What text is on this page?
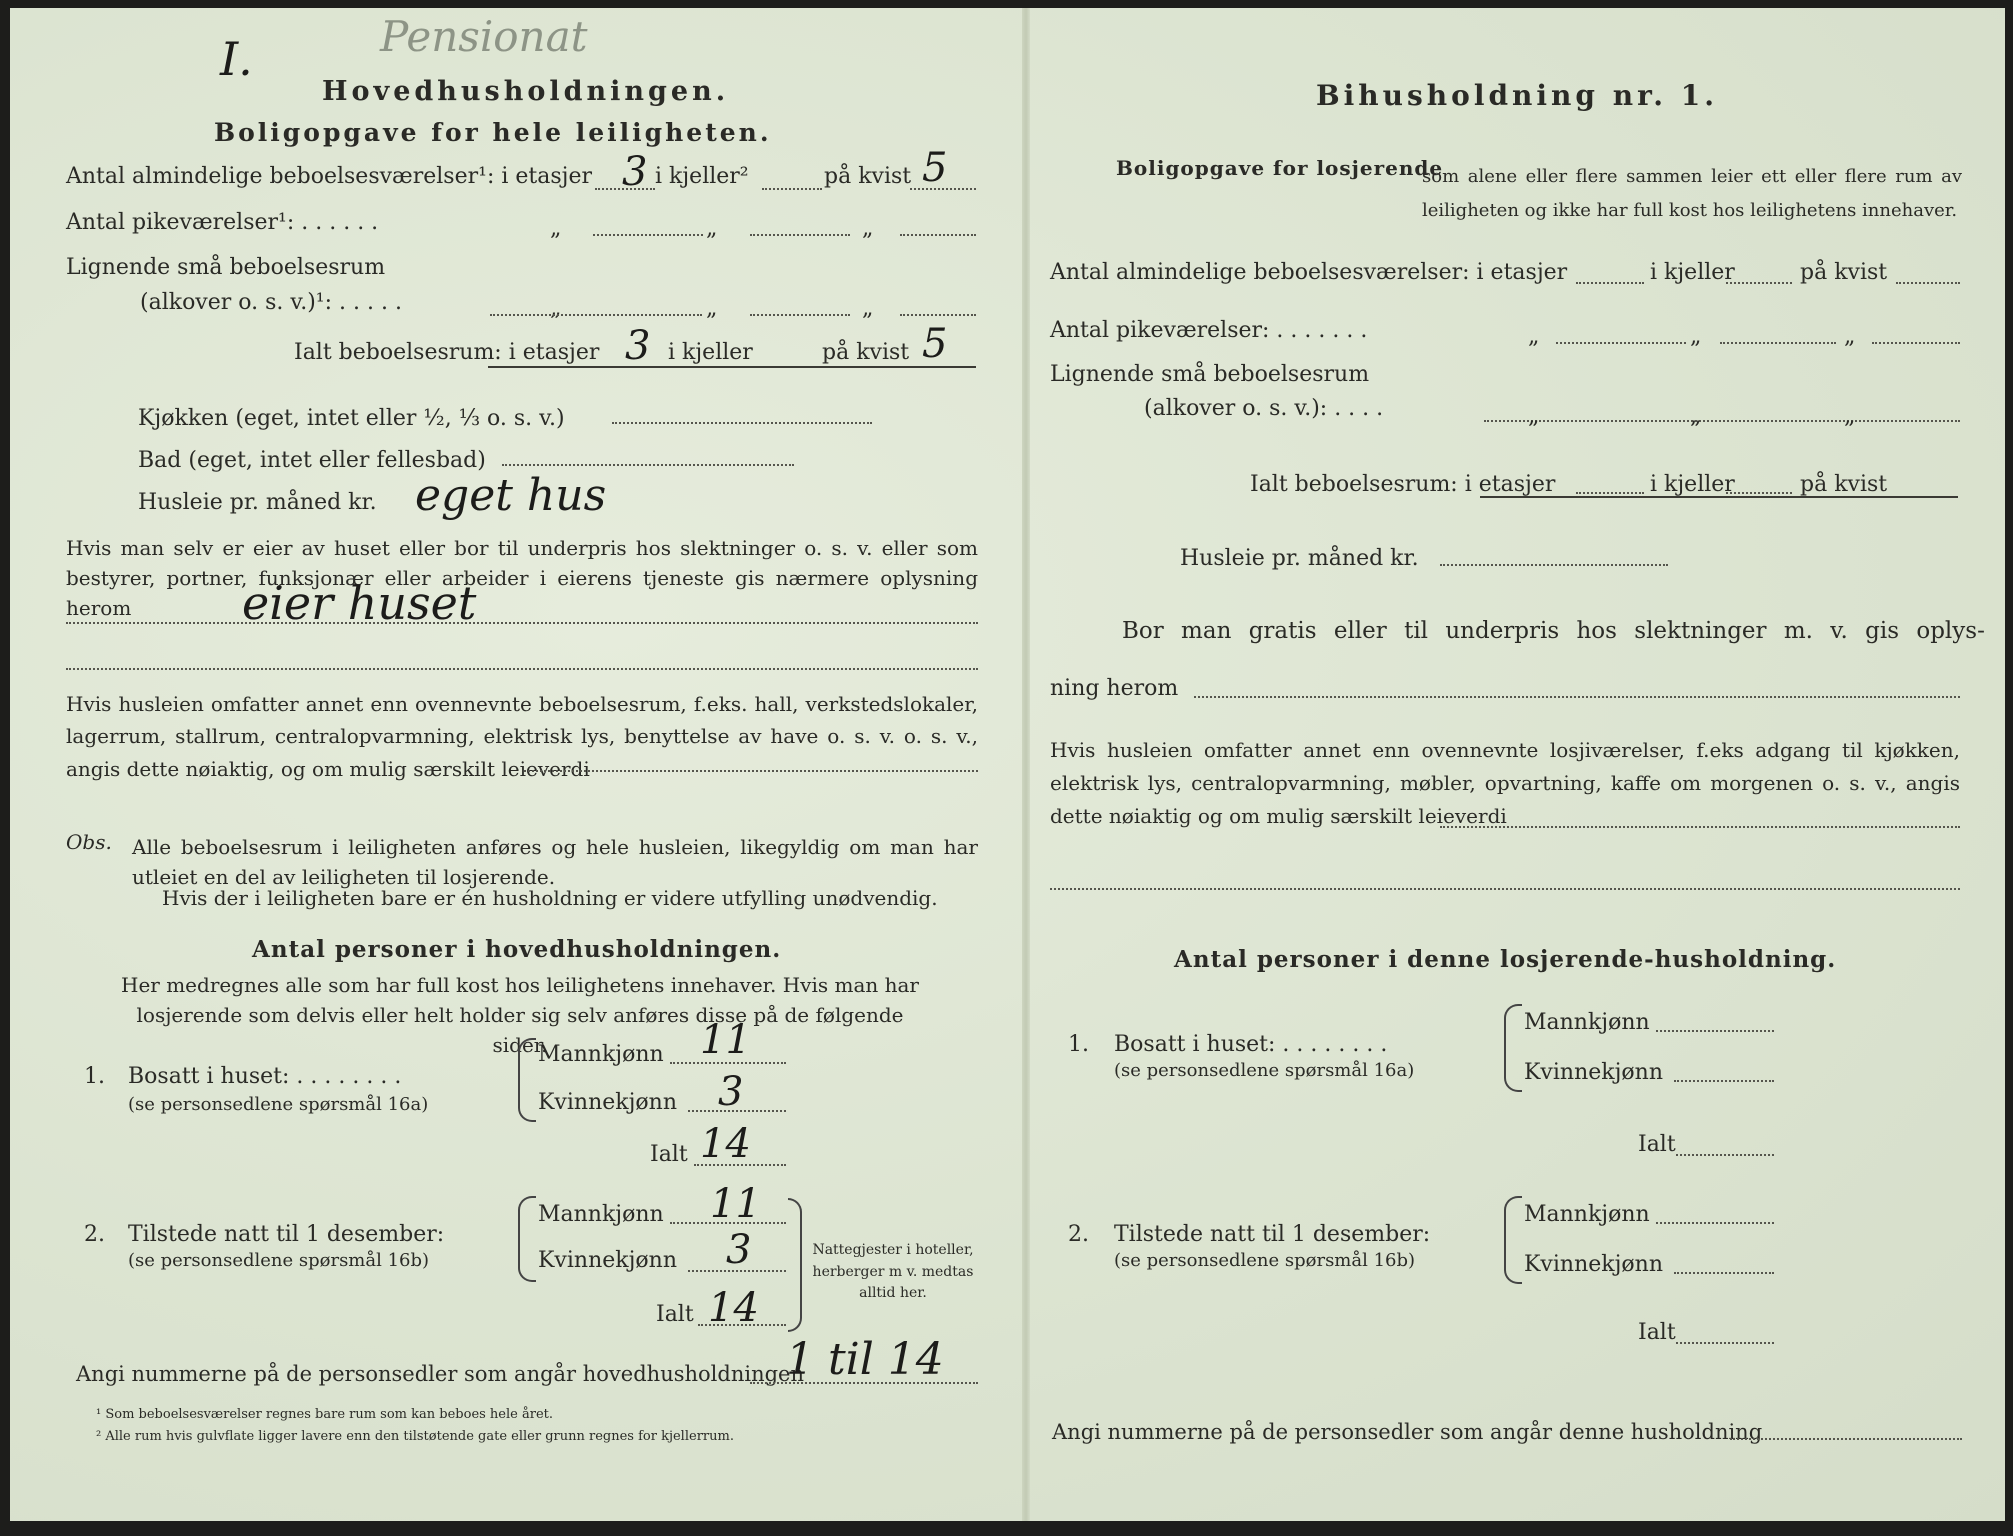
I.	Pensionat
Hovedhusholdningen.
Boligopgave for hele leiligheten.
Antal almindelige beboelsesværelser¹: i etasjer 3 i kjeller²	på kvist 5
Antal pikeværelser¹: . . . . . .	„	„	„
Lignende små beboelsesrum
(alkover o. s. v.)¹: . . . . .	„	„	„
Ialt beboelsesrum: i etasjer 3 i kjeller	på kvist 5
Kjøkken (eget, intet eller ½, ⅓ o. s. v.)
Bad (eget, intet eller fellesbad)
Husleie pr. måned kr. eget hus
Hvis man selv er eier av huset eller bor til underpris hos slektninger o. s. v. eller som bestyrer, portner, funksjonær eller arbeider i eierens tjeneste gis nærmere oplysning herom	eier huset
Hvis husleien omfatter annet enn ovennevnte beboelsesrum, f.eks. hall, verkstedslokaler, lagerrum, stallrum, centralopvarmning, elektrisk lys, benyttelse av have o. s. v. o. s. v., angis dette nøiaktig, og om mulig særskilt leieverdi
Obs. Alle beboelsesrum i leiligheten anføres og hele husleien, likegyldig om man har utleiet en del av leiligheten til losjerende.
Hvis der i leiligheten bare er én husholdning er videre utfylling unødvendig.
Antal personer i hovedhusholdningen.
Her medregnes alle som har full kost hos leilighetens innehaver. Hvis man har losjerende som delvis eller helt holder sig selv anføres disse på de følgende sider.
1. Bosatt i huset: . . . . . . . .
(se personsedlene spørsmål 16a)
Mannkjønn 11
Kvinnekjønn 3
Ialt 14
2. Tilstede natt til 1 desember:
(se personsedlene spørsmål 16b)
Mannkjønn 11
Kvinnekjønn 3
Ialt 14
Nattegjester i hoteller, herberger m v. medtas alltid her.
Angi nummerne på de personsedler som angår hovedhusholdningen
1 til 14
¹ Som beboelsesværelser regnes bare rum som kan beboes hele året.
² Alle rum hvis gulvflate ligger lavere enn den tilstøtende gate eller grunn regnes for kjellerrum.
Bihusholdning nr. 1.
Boligopgave for losjerende
som alene eller flere sammen leier ett eller flere rum av leiligheten og ikke har full kost hos leilighetens innehaver.
Antal almindelige beboelsesværelser: i etasjer	i kjeller	på kvist
Antal pikeværelser: . . . . . . .	„	„	„
Lignende små beboelsesrum
(alkover o. s. v.): . . . .	„	„	„
Ialt beboelsesrum: i etasjer	i kjeller	på kvist
Husleie pr. måned kr.
Bor man gratis eller til underpris hos slektninger m. v. gis oplys-
ning herom
Hvis husleien omfatter annet enn ovennevnte losjiværelser, f.eks adgang til kjøkken, elektrisk lys, centralopvarmning, møbler, opvartning, kaffe om morgenen o. s. v., angis dette nøiaktig og om mulig særskilt leieverdi
Antal personer i denne losjerende-husholdning.
1. Bosatt i huset: . . . . . . . .
(se personsedlene spørsmål 16a)
Mannkjønn
Kvinnekjønn
Ialt
2. Tilstede natt til 1 desember:
(se personsedlene spørsmål 16b)
Mannkjønn
Kvinnekjønn
Ialt
Angi nummerne på de personsedler som angår denne husholdning
